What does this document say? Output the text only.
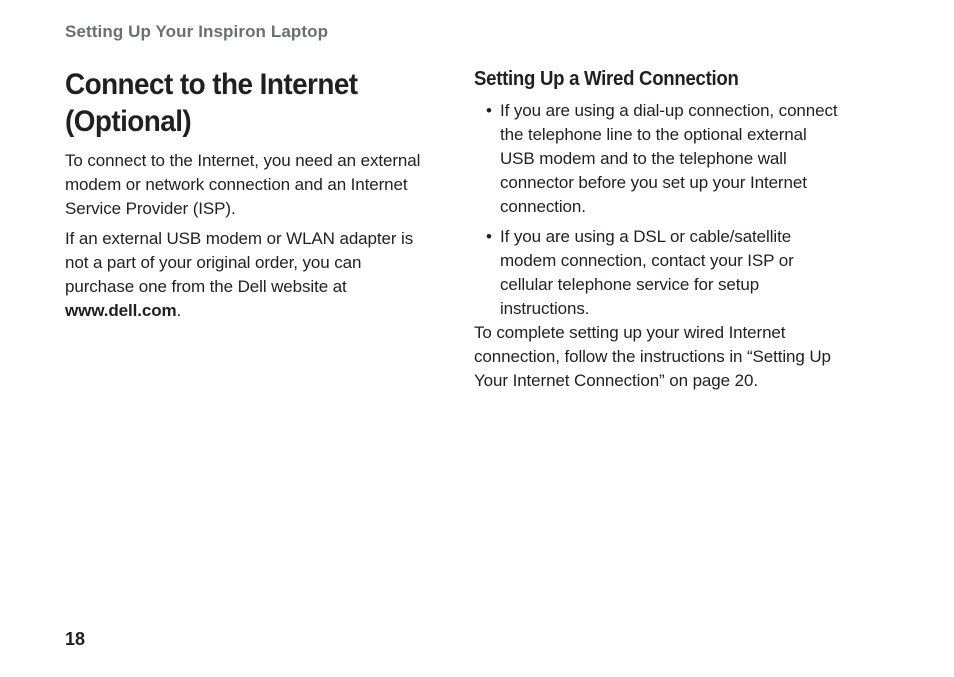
Setting Up Your Inspiron Laptop
Connect to the Internet (Optional)

To connect to the Internet, you need an external modem or network connection and an Internet Service Provider (ISP).

If an external USB modem or WLAN adapter is not a part of your original order, you can purchase one from the Dell website at www.dell.com.

Setting Up a Wired Connection
• If you are using a dial-up connection, connect the telephone line to the optional external USB modem and to the telephone wall connector before you set up your Internet connection.
• If you are using a DSL or cable/satellite modem connection, contact your ISP or cellular telephone service for setup instructions.

To complete setting up your wired Internet connection, follow the instructions in “Setting Up Your Internet Connection” on page 20.

18
